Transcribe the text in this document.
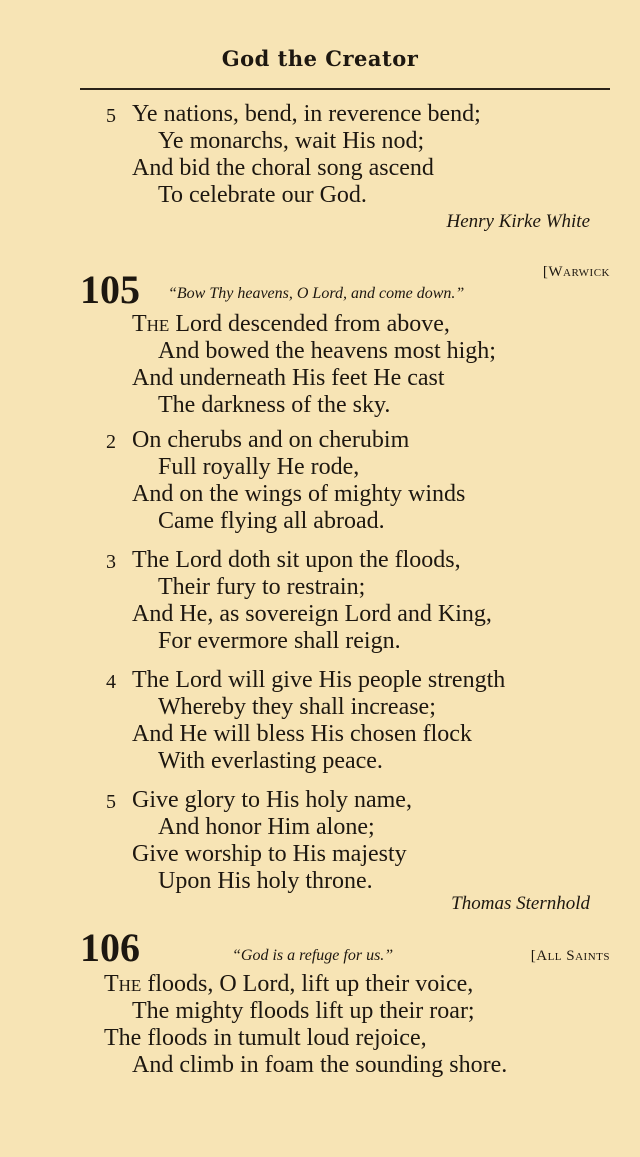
God the Creator
5 Ye nations, bend, in reverence bend;
Ye monarchs, wait His nod;
And bid the choral song ascend
To celebrate our God.
Henry Kirke White
[Warwick
105 “Bow Thy heavens, O Lord, and come down.”
The Lord descended from above,
And bowed the heavens most high;
And underneath His feet He cast
The darkness of the sky.
2 On cherubs and on cherubim
Full royally He rode,
And on the wings of mighty winds
Came flying all abroad.
3 The Lord doth sit upon the floods,
Their fury to restrain;
And He, as sovereign Lord and King,
For evermore shall reign.
4 The Lord will give His people strength
Whereby they shall increase;
And He will bless His chosen flock
With everlasting peace.
5 Give glory to His holy name,
And honor Him alone;
Give worship to His majesty
Upon His holy throne.
Thomas Sternhold
106	“God is a refuge for us.”	[All Saints
The floods, O Lord, lift up their voice,
The mighty floods lift up their roar;
The floods in tumult loud rejoice,
And climb in foam the sounding shore.
